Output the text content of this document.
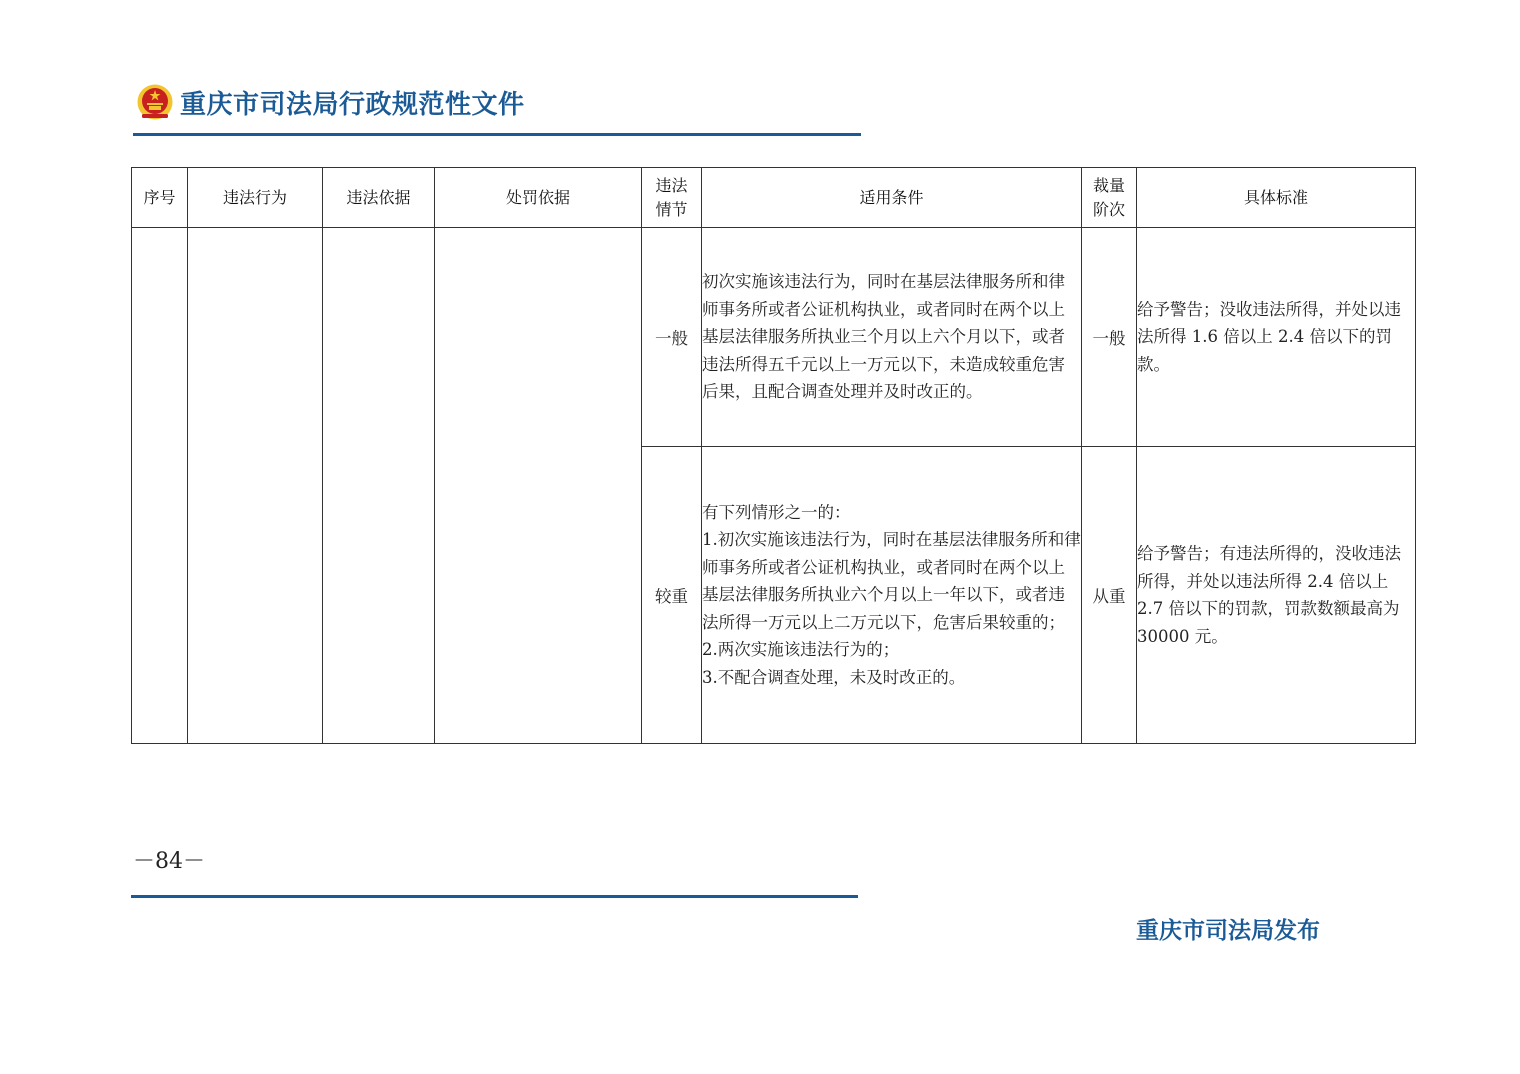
重庆市司法局行政规范性文件
序号	违法行为	违法依据	处罚依据	违法情节	适用条件	裁量阶次	具体标准
				一般	初次实施该违法行为，同时在基层法律服务所和律师事务所或者公证机构执业，或者同时在两个以上基层法律服务所执业三个月以上六个月以下，或者违法所得五千元以上一万元以下，未造成较重危害后果，且配合调查处理并及时改正的。	一般	给予警告；没收违法所得，并处以违法所得 1.6 倍以上 2.4 倍以下的罚款。
				较重	有下列情形之一的：
1.初次实施该违法行为，同时在基层法律服务所和律师事务所或者公证机构执业，或者同时在两个以上基层法律服务所执业六个月以上一年以下，或者违法所得一万元以上二万元以下，危害后果较重的；
2.两次实施该违法行为的；
3.不配合调查处理，未及时改正的。	从重	给予警告；有违法所得的，没收违法所得，并处以违法所得 2.4 倍以上 2.7 倍以下的罚款，罚款数额最高为 30000 元。
－84－
重庆市司法局发布
